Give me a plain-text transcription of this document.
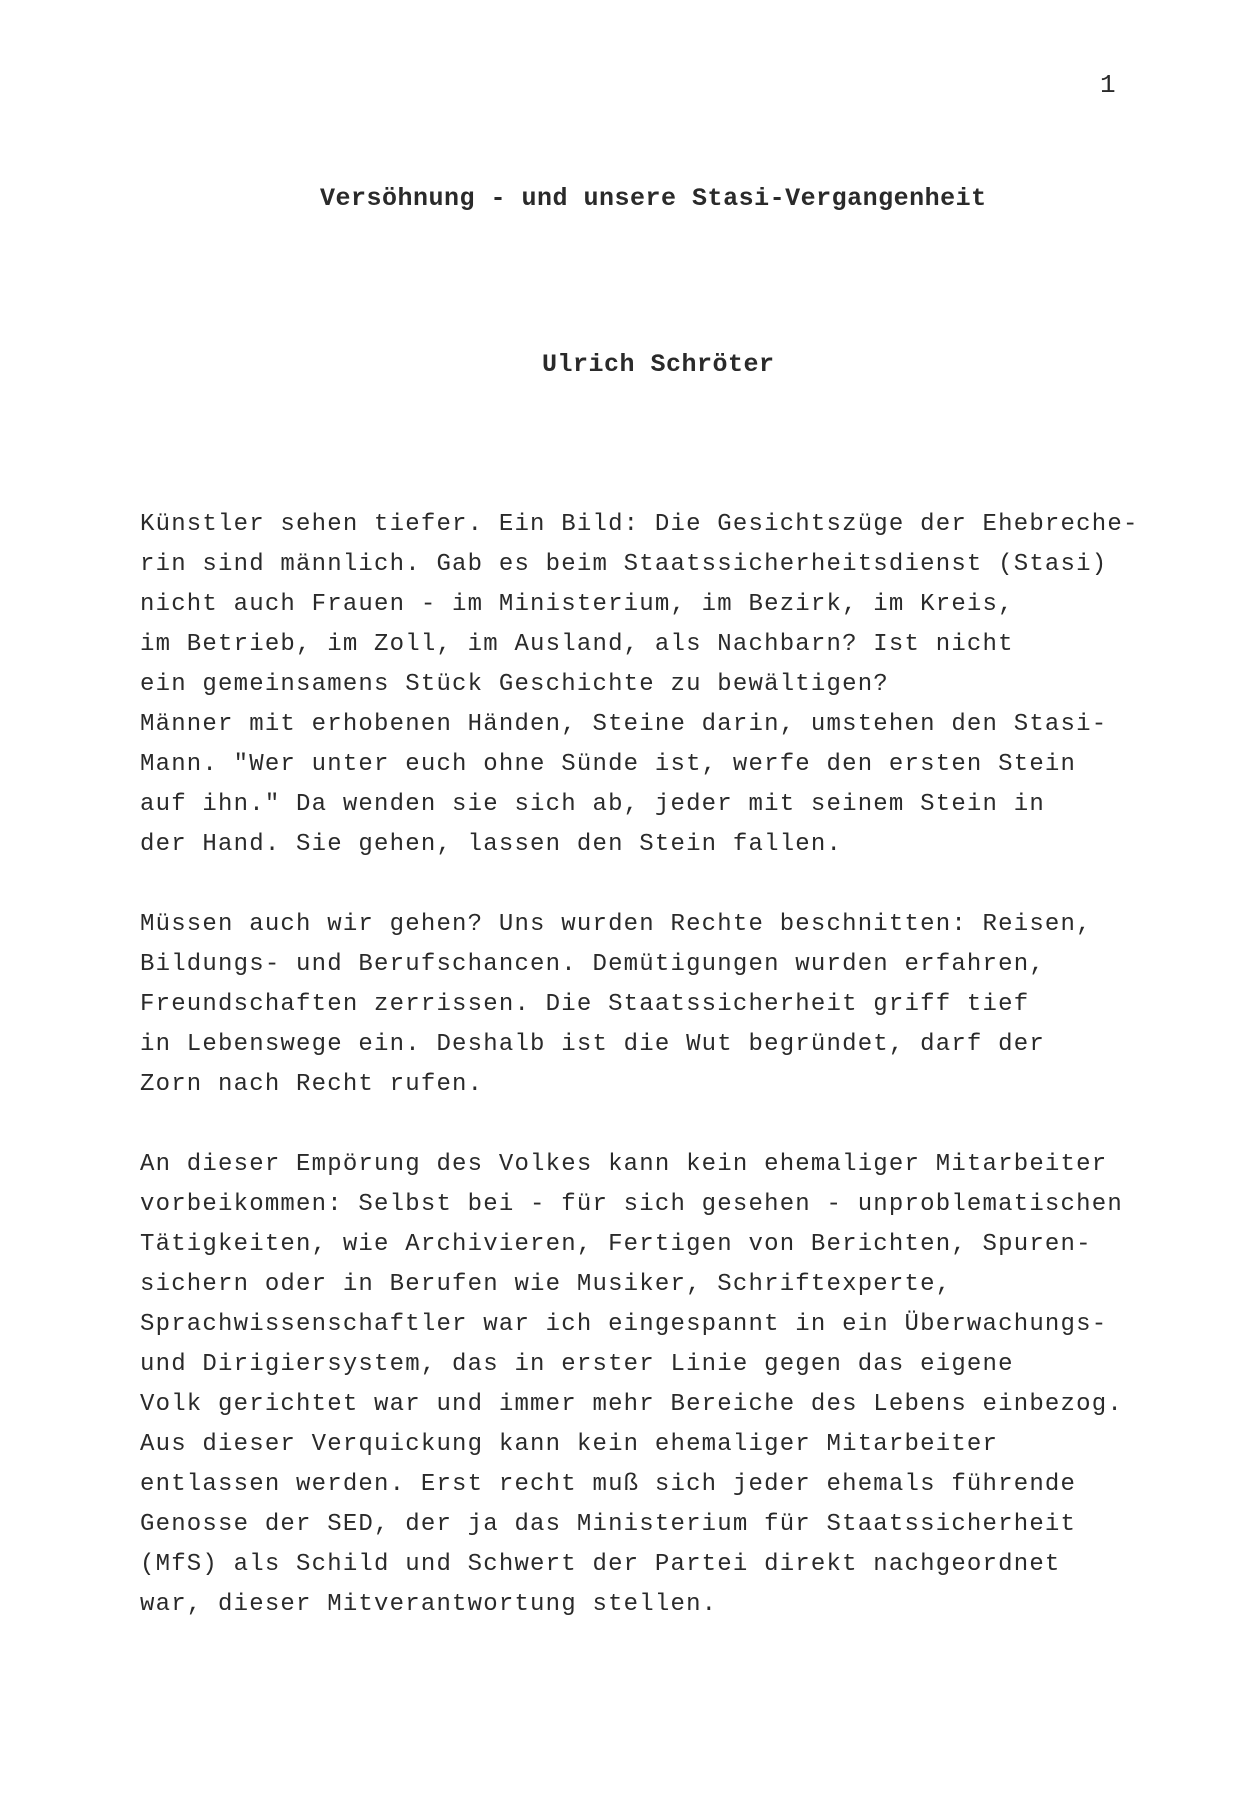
1
Versöhnung - und unsere Stasi-Vergangenheit
Ulrich Schröter
Künstler sehen tiefer. Ein Bild: Die Gesichtszüge der Ehebreche-
rin sind männlich. Gab es beim Staatssicherheitsdienst (Stasi)
nicht auch Frauen - im Ministerium, im Bezirk, im Kreis,
im Betrieb, im Zoll, im Ausland, als Nachbarn? Ist nicht
ein gemeinsamens Stück Geschichte zu bewältigen?
Männer mit erhobenen Händen, Steine darin, umstehen den Stasi-
Mann. "Wer unter euch ohne Sünde ist, werfe den ersten Stein
auf ihn." Da wenden sie sich ab, jeder mit seinem Stein in
der Hand. Sie gehen, lassen den Stein fallen.
Müssen auch wir gehen? Uns wurden Rechte beschnitten: Reisen,
Bildungs- und Berufschancen. Demütigungen wurden erfahren,
Freundschaften zerrissen. Die Staatssicherheit griff tief
in Lebenswege ein. Deshalb ist die Wut begründet, darf der
Zorn nach Recht rufen.
An dieser Empörung des Volkes kann kein ehemaliger Mitarbeiter
vorbeikommen: Selbst bei - für sich gesehen - unproblematischen
Tätigkeiten, wie Archivieren, Fertigen von Berichten, Spuren-
sichern oder in Berufen wie Musiker, Schriftexperte,
Sprachwissenschaftler war ich eingespannt in ein Überwachungs-
und Dirigiersystem, das in erster Linie gegen das eigene
Volk gerichtet war und immer mehr Bereiche des Lebens einbezog.
Aus dieser Verquickung kann kein ehemaliger Mitarbeiter
entlassen werden. Erst recht muß sich jeder ehemals führende
Genosse der SED, der ja das Ministerium für Staatssicherheit
(MfS) als Schild und Schwert der Partei direkt nachgeordnet
war, dieser Mitverantwortung stellen.
